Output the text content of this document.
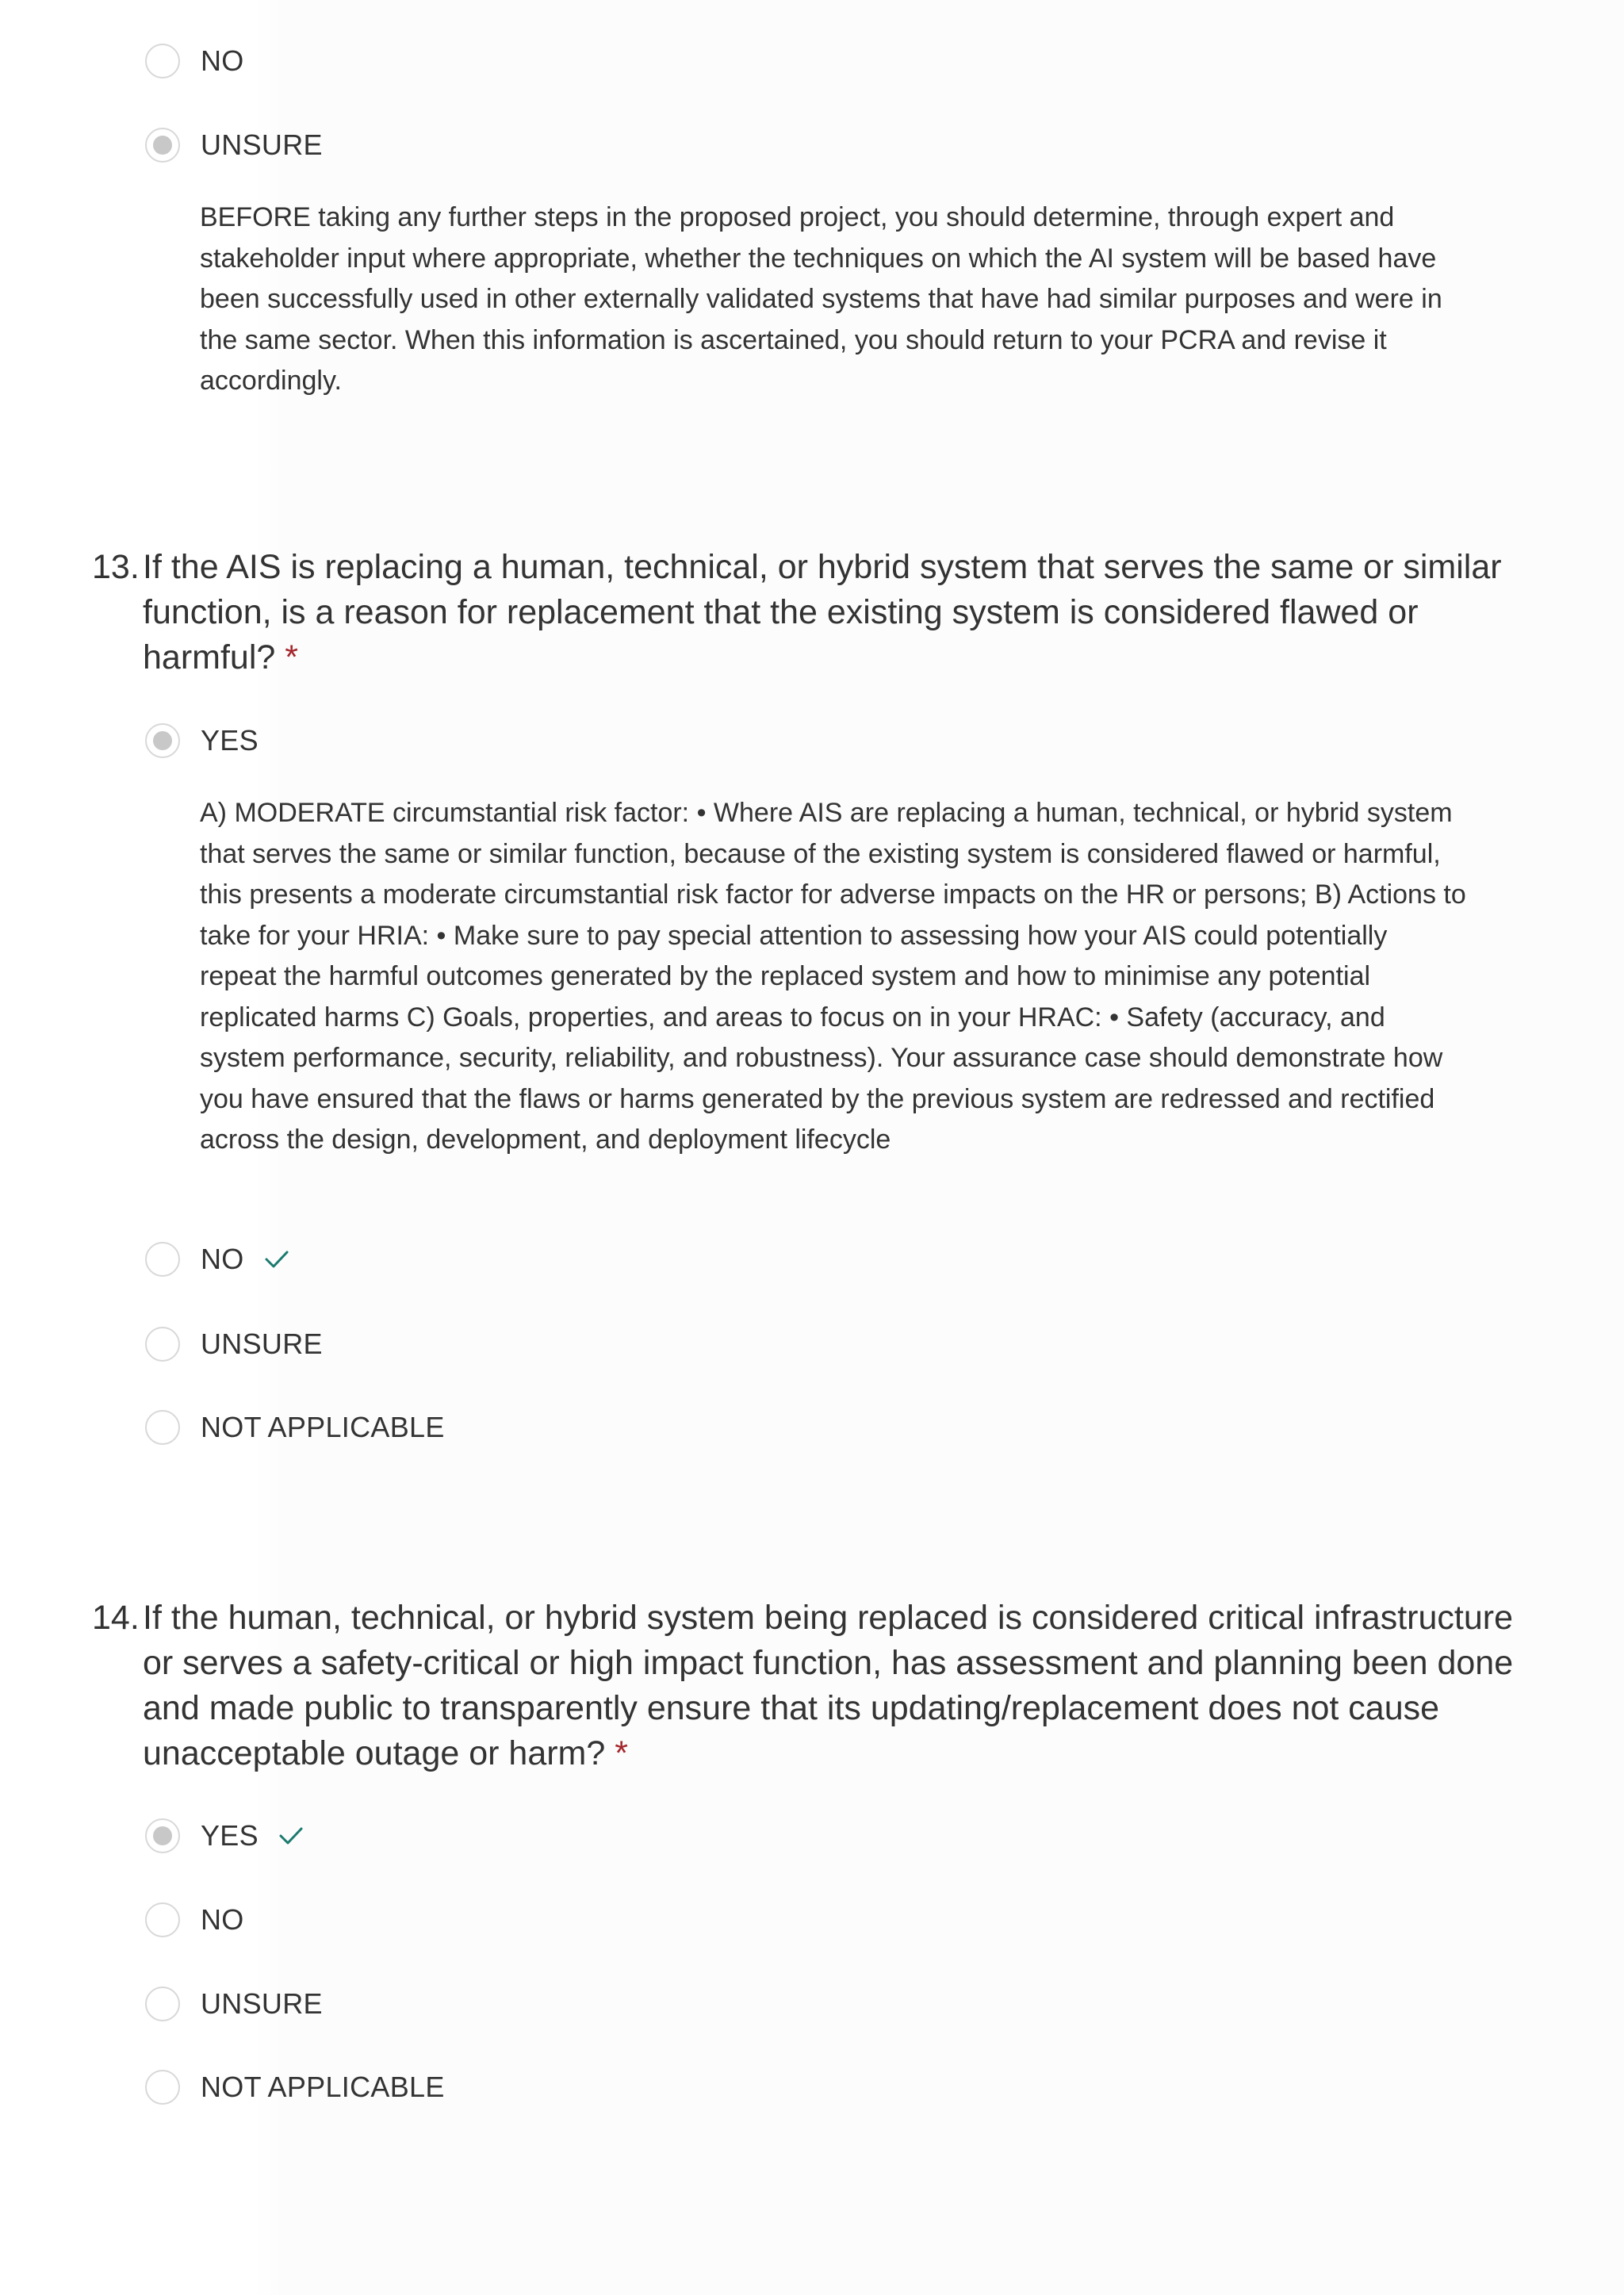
NO
UNSURE
BEFORE taking any further steps in the proposed project, you should determine, through expert and stakeholder input where appropriate, whether the techniques on which the AI system will be based have been successfully used in other externally validated systems that have had similar purposes and were in the same sector. When this information is ascertained, you should return to your PCRA and revise it accordingly.
13. If the AIS is replacing a human, technical, or hybrid system that serves the same or similar function, is a reason for replacement that the existing system is considered flawed or harmful? *
YES
A) MODERATE circumstantial risk factor: • Where AIS are replacing a human, technical, or hybrid system that serves the same or similar function, because of the existing system is considered flawed or harmful, this presents a moderate circumstantial risk factor for adverse impacts on the HR or persons; B) Actions to take for your HRIA: • Make sure to pay special attention to assessing how your AIS could potentially repeat the harmful outcomes generated by the replaced system and how to minimise any potential replicated harms C) Goals, properties, and areas to focus on in your HRAC: • Safety (accuracy, and system performance, security, reliability, and robustness). Your assurance case should demonstrate how you have ensured that the flaws or harms generated by the previous system are redressed and rectified across the design, development, and deployment lifecycle
NO
UNSURE
NOT APPLICABLE
14. If the human, technical, or hybrid system being replaced is considered critical infrastructure or serves a safety-critical or high impact function, has assessment and planning been done and made public to transparently ensure that its updating/replacement does not cause unacceptable outage or harm? *
YES
NO
UNSURE
NOT APPLICABLE
